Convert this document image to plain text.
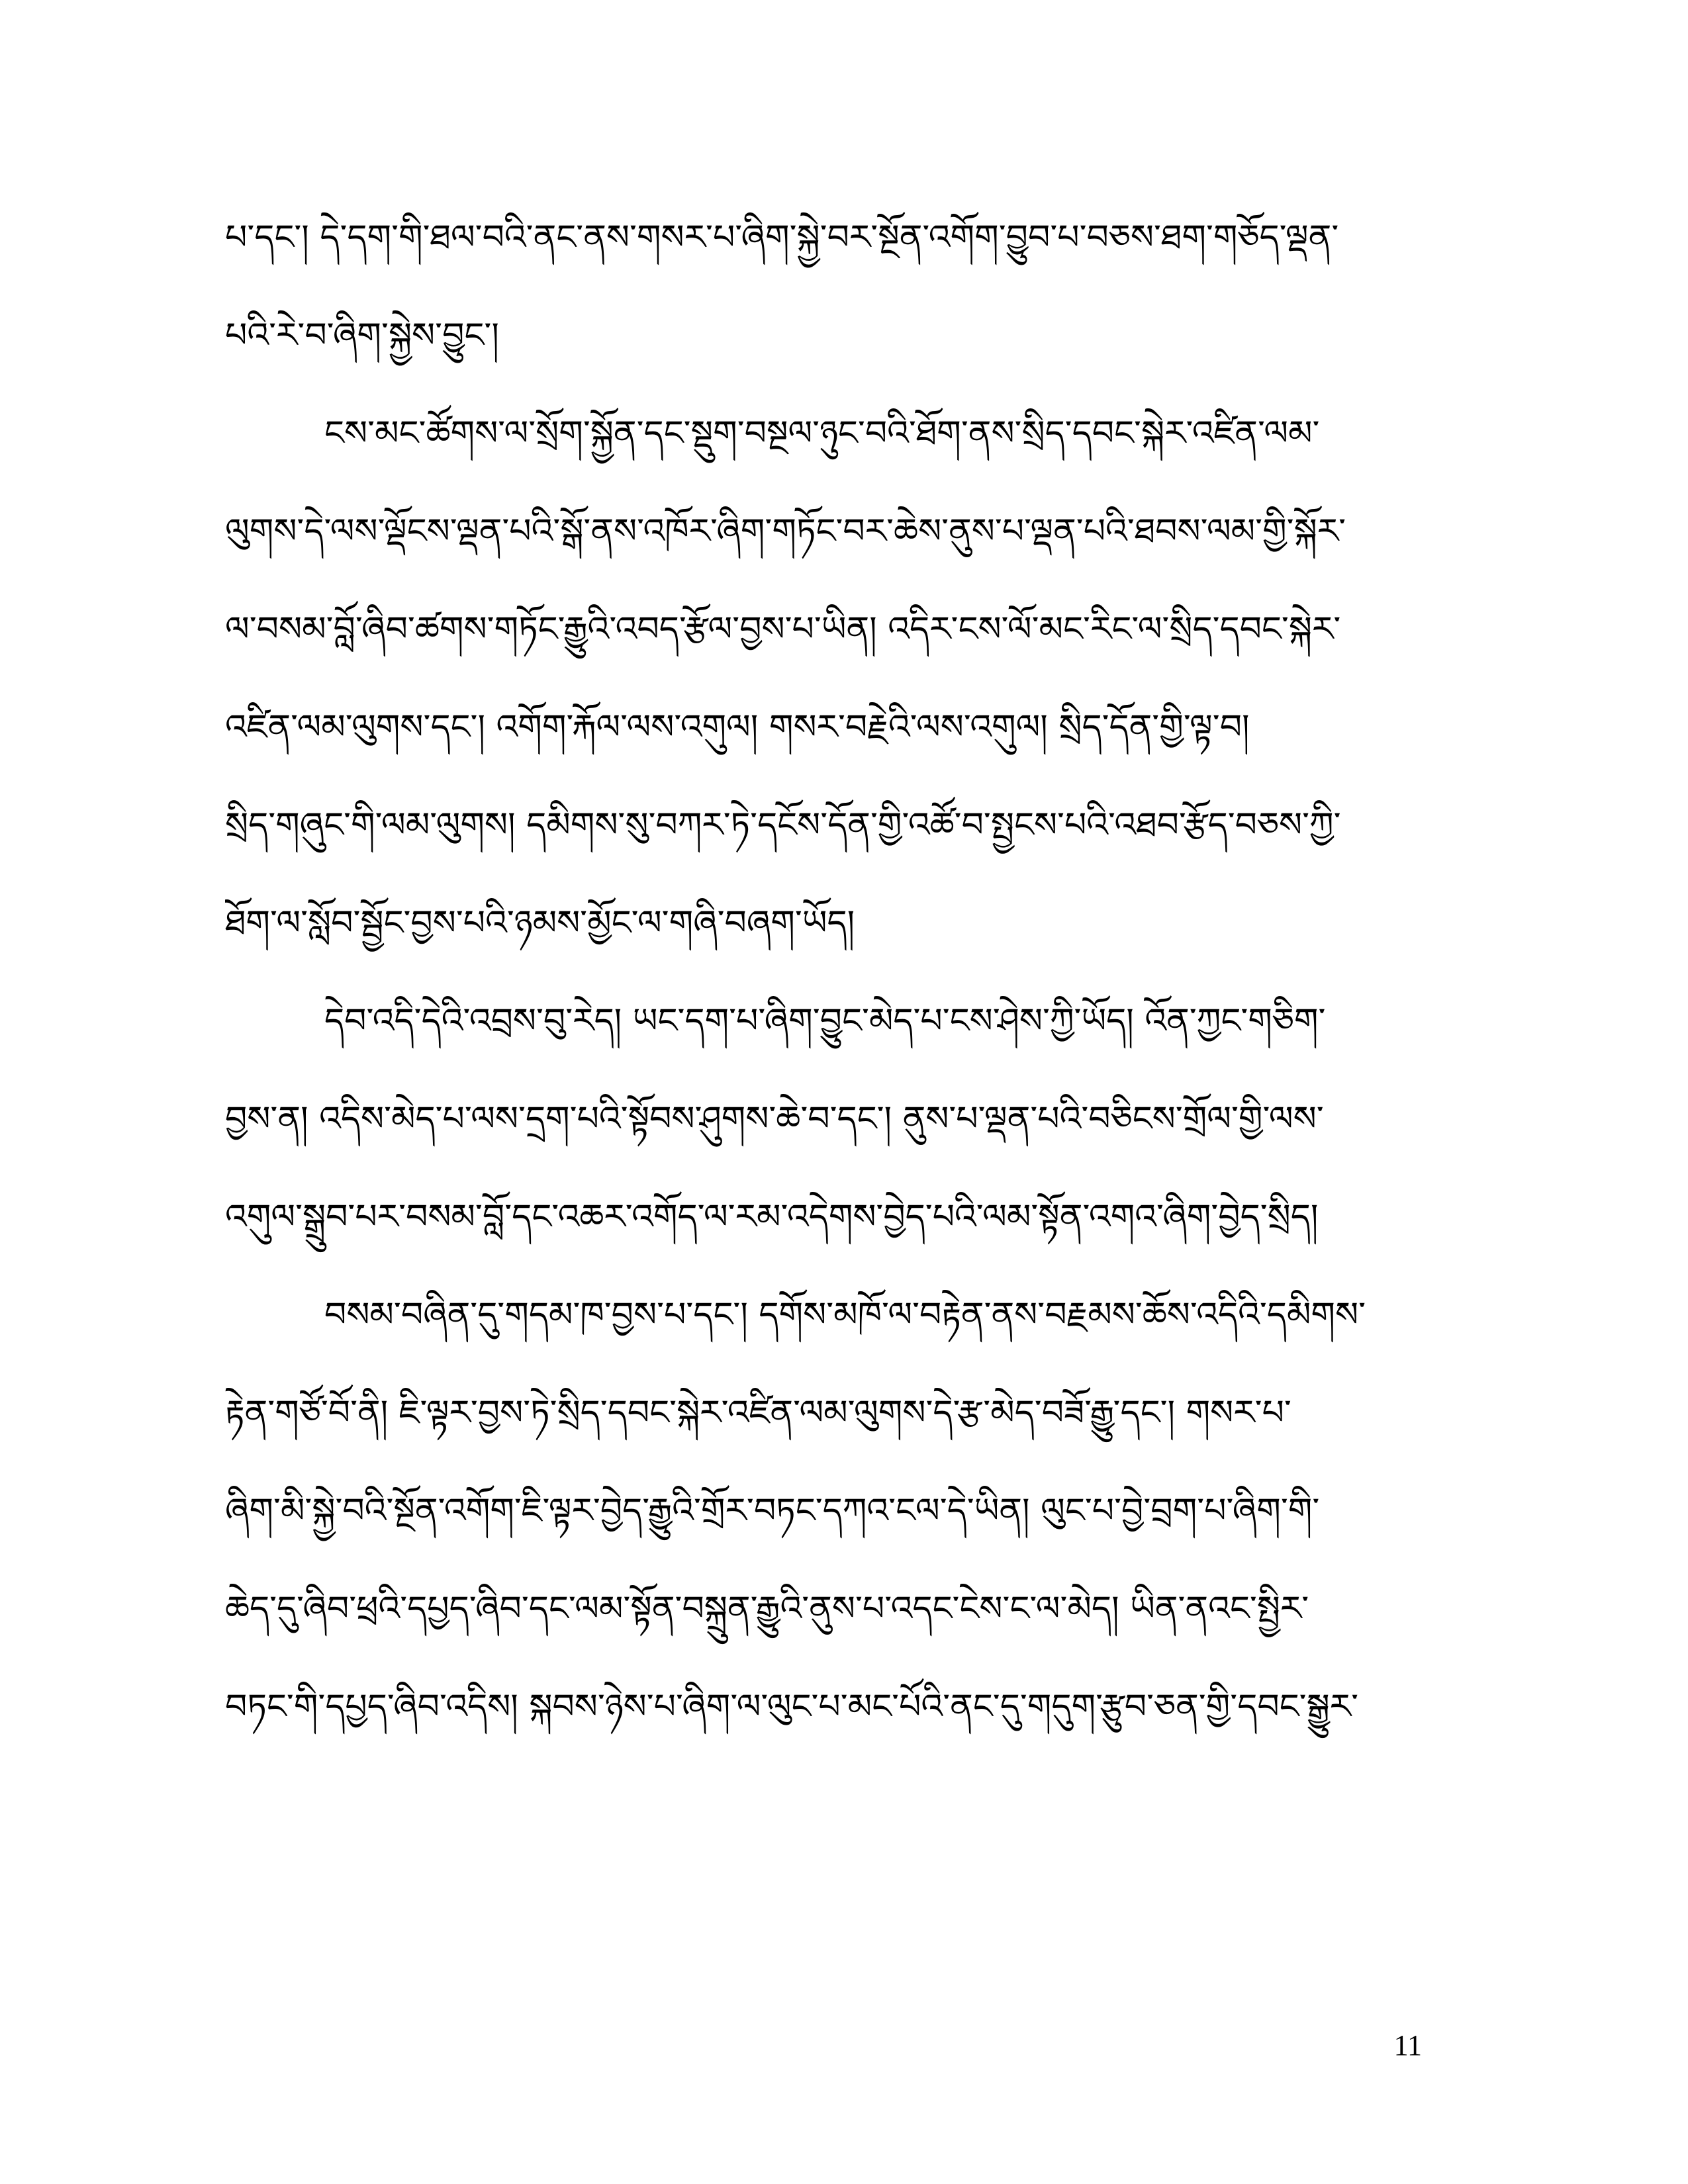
པ་དང་། དེ་དག་གི་ཐལ་བའི་ནང་ནས་གསར་པ་ཞིག་སྐྱེ་བར་སྔོན་འགོག་བྱུབ་པ་བཅས་ཐག་གཅོད་ལྡན་
པའི་རེ་བ་ཞིག་སྐྱེས་བྱུང་།
ངས་མང་ཚོགས་ལ་སྲོག་སྐྱོན་དང་སྡུག་བསྔལ་ཉུང་བའི་ཐོག་ནས་སྲིད་དབང་སྐེར་འཛིན་ལམ་
ལུགས་དེ་ལས་ལྡོངས་ལྡན་པའི་སྒོ་ནས་འཁོར་ཞིག་གཏོང་བར་ཆེས་ནུས་པ་ལྡན་པའི་ཐབས་ལམ་གྱི་སྐོར་
ལ་བསམ་བློ་ཞིབ་ཚགས་གཏོང་རྒྱུའི་འབད་རྩོལ་བྱས་པ་ཡིན། འདིར་ངས་ལོ་མང་རིང་ལ་སྲིད་དབང་སྐེར་
འཛིན་ལམ་ལུགས་དང་། འགོག་རྐོལ་ལས་འགུལ། གསར་བརྗེའི་ལས་འགུལ། སྲིད་དོན་གྱི་ལྟ་བ།
སྲིད་གཞུང་གི་ལམ་ལུགས། དམིགས་སུ་བཀར་ཏེ་དངོས་དོན་གྱི་འཚོ་བ་སྤྱངས་པའི་འཐབ་རྩོད་བཅས་ཀྱི་
ཐོག་ལ་སློབ་སྦྱོང་བྱས་པའི་ཉམས་མྱོང་ལ་གཞི་བཞག་ཡོད།
དེབ་འདི་དེའི་འབྲས་བུ་རེད། ཡང་དག་པ་ཞིག་བྱུང་མེད་པ་ངས་ཤེས་ཀྱི་ཡོད། འོན་ཀྱང་གཅིག་
བྱས་ན། འདིས་མེད་པ་ལས་དྲག་པའི་སྟོབས་ཤུགས་ཆེ་བ་དང་། ནུས་པ་ལྡན་པའི་བཅིངས་གྲོལ་གྱི་ལས་
འགུལ་སྒྲུབ་པར་བསམ་བློ་དང་འཆར་འགོད་ལ་རམ་འདེགས་བྱེད་པའི་ལམ་སྟོན་འགའ་ཞིག་བྱེད་སྲིད།
བསམ་བཞིན་དུ་གདམ་ཁ་བྱས་པ་དང་། དགོས་མཁོ་ལ་བརྟེན་ནས་བརྗམས་ཆོས་འདིའི་དམིགས་
རྟེན་གཙོ་བོ་ནི། ཇི་ལྟར་བྱས་ཏེ་སྲིད་དབང་སྐེར་འཛིན་ལམ་ལུགས་དེ་རྩ་མེད་བཟོ་རྒྱུ་དང་། གསར་པ་
ཞིག་མི་སྐྱེ་བའི་སྔོན་འགོག་ཇི་ལྟར་བྱེད་རྒྱུའི་གྲོར་བཏང་དཀའ་ངལ་དེ་ཡིན། ལུང་པ་བྱེ་བྲག་པ་ཞིག་གི་
ཆེད་དུ་ཞིབ་ཕྲའི་དཔྱད་ཞིབ་དང་ལམ་སྟོན་བསྐྲུན་རྒྱུའི་ནུས་པ་འདང་ངེས་ང་ལ་མེད། ཡིན་ནའང་སྤྱིར་
བཏང་གི་དཔྱད་ཞིབ་འདིས། སྐབས་ཉེས་པ་ཞིག་ལ་ལུང་པ་མང་པོའི་ནང་དུ་གདུག་རྩུབ་ཅན་གྱི་དབང་སྒྱུར་
11
